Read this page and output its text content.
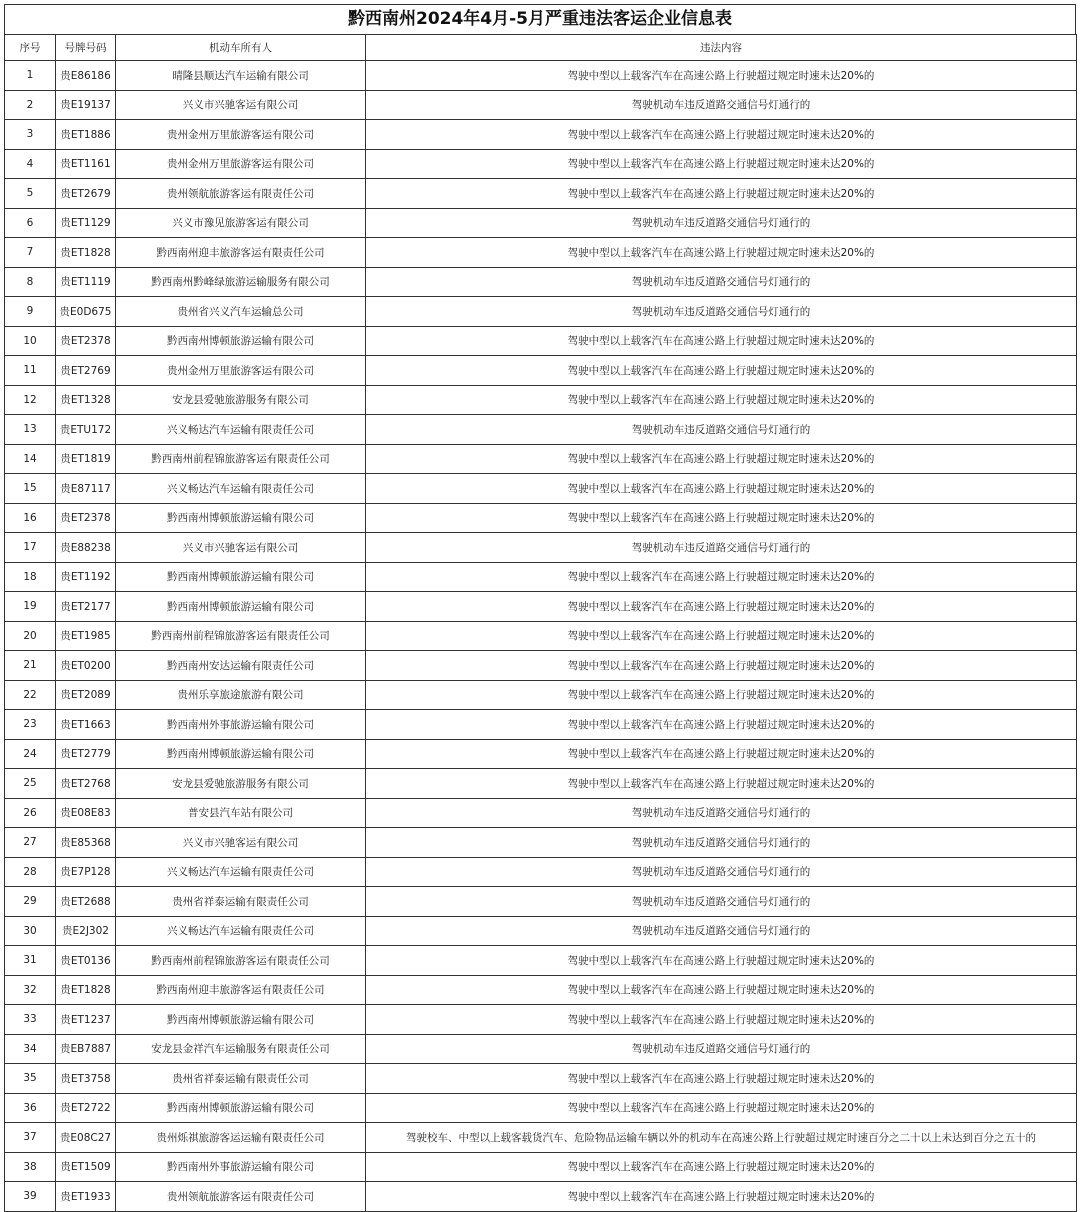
黔西南州2024年4月-5月严重违法客运企业信息表
序号	号牌号码	机动车所有人	违法内容
1	贵E86186	晴隆县顺达汽车运输有限公司	驾驶中型以上载客汽车在高速公路上行驶超过规定时速未达20%的
2	贵E19137	兴义市兴驰客运有限公司	驾驶机动车违反道路交通信号灯通行的
3	贵ET1886	贵州金州万里旅游客运有限公司	驾驶中型以上载客汽车在高速公路上行驶超过规定时速未达20%的
4	贵ET1161	贵州金州万里旅游客运有限公司	驾驶中型以上载客汽车在高速公路上行驶超过规定时速未达20%的
5	贵ET2679	贵州领航旅游客运有限责任公司	驾驶中型以上载客汽车在高速公路上行驶超过规定时速未达20%的
6	贵ET1129	兴义市豫见旅游客运有限公司	驾驶机动车违反道路交通信号灯通行的
7	贵ET1828	黔西南州迎丰旅游客运有限责任公司	驾驶中型以上载客汽车在高速公路上行驶超过规定时速未达20%的
8	贵ET1119	黔西南州黔峰绿旅游运输服务有限公司	驾驶机动车违反道路交通信号灯通行的
9	贵E0D675	贵州省兴义汽车运输总公司	驾驶机动车违反道路交通信号灯通行的
10	贵ET2378	黔西南州博顿旅游运输有限公司	驾驶中型以上载客汽车在高速公路上行驶超过规定时速未达20%的
11	贵ET2769	贵州金州万里旅游客运有限公司	驾驶中型以上载客汽车在高速公路上行驶超过规定时速未达20%的
12	贵ET1328	安龙县爱驰旅游服务有限公司	驾驶中型以上载客汽车在高速公路上行驶超过规定时速未达20%的
13	贵ETU172	兴义畅达汽车运输有限责任公司	驾驶机动车违反道路交通信号灯通行的
14	贵ET1819	黔西南州前程锦旅游客运有限责任公司	驾驶中型以上载客汽车在高速公路上行驶超过规定时速未达20%的
15	贵E87117	兴义畅达汽车运输有限责任公司	驾驶中型以上载客汽车在高速公路上行驶超过规定时速未达20%的
16	贵ET2378	黔西南州博顿旅游运输有限公司	驾驶中型以上载客汽车在高速公路上行驶超过规定时速未达20%的
17	贵E88238	兴义市兴驰客运有限公司	驾驶机动车违反道路交通信号灯通行的
18	贵ET1192	黔西南州博顿旅游运输有限公司	驾驶中型以上载客汽车在高速公路上行驶超过规定时速未达20%的
19	贵ET2177	黔西南州博顿旅游运输有限公司	驾驶中型以上载客汽车在高速公路上行驶超过规定时速未达20%的
20	贵ET1985	黔西南州前程锦旅游客运有限责任公司	驾驶中型以上载客汽车在高速公路上行驶超过规定时速未达20%的
21	贵ET0200	黔西南州安达运输有限责任公司	驾驶中型以上载客汽车在高速公路上行驶超过规定时速未达20%的
22	贵ET2089	贵州乐享旅途旅游有限公司	驾驶中型以上载客汽车在高速公路上行驶超过规定时速未达20%的
23	贵ET1663	黔西南州外事旅游运输有限公司	驾驶中型以上载客汽车在高速公路上行驶超过规定时速未达20%的
24	贵ET2779	黔西南州博顿旅游运输有限公司	驾驶中型以上载客汽车在高速公路上行驶超过规定时速未达20%的
25	贵ET2768	安龙县爱驰旅游服务有限公司	驾驶中型以上载客汽车在高速公路上行驶超过规定时速未达20%的
26	贵E08E83	普安县汽车站有限公司	驾驶机动车违反道路交通信号灯通行的
27	贵E85368	兴义市兴驰客运有限公司	驾驶机动车违反道路交通信号灯通行的
28	贵E7P128	兴义畅达汽车运输有限责任公司	驾驶机动车违反道路交通信号灯通行的
29	贵ET2688	贵州省祥泰运输有限责任公司	驾驶机动车违反道路交通信号灯通行的
30	贵E2J302	兴义畅达汽车运输有限责任公司	驾驶机动车违反道路交通信号灯通行的
31	贵ET0136	黔西南州前程锦旅游客运有限责任公司	驾驶中型以上载客汽车在高速公路上行驶超过规定时速未达20%的
32	贵ET1828	黔西南州迎丰旅游客运有限责任公司	驾驶中型以上载客汽车在高速公路上行驶超过规定时速未达20%的
33	贵ET1237	黔西南州博顿旅游运输有限公司	驾驶中型以上载客汽车在高速公路上行驶超过规定时速未达20%的
34	贵EB7887	安龙县金祥汽车运输服务有限责任公司	驾驶机动车违反道路交通信号灯通行的
35	贵ET3758	贵州省祥泰运输有限责任公司	驾驶中型以上载客汽车在高速公路上行驶超过规定时速未达20%的
36	贵ET2722	黔西南州博顿旅游运输有限公司	驾驶中型以上载客汽车在高速公路上行驶超过规定时速未达20%的
37	贵E08C27	贵州烁祺旅游客运运输有限责任公司	驾驶校车、中型以上载客载货汽车、危险物品运输车辆以外的机动车在高速公路上行驶超过规定时速百分之二十以上未达到百分之五十的
38	贵ET1509	黔西南州外事旅游运输有限公司	驾驶中型以上载客汽车在高速公路上行驶超过规定时速未达20%的
39	贵ET1933	贵州领航旅游客运有限责任公司	驾驶中型以上载客汽车在高速公路上行驶超过规定时速未达20%的
